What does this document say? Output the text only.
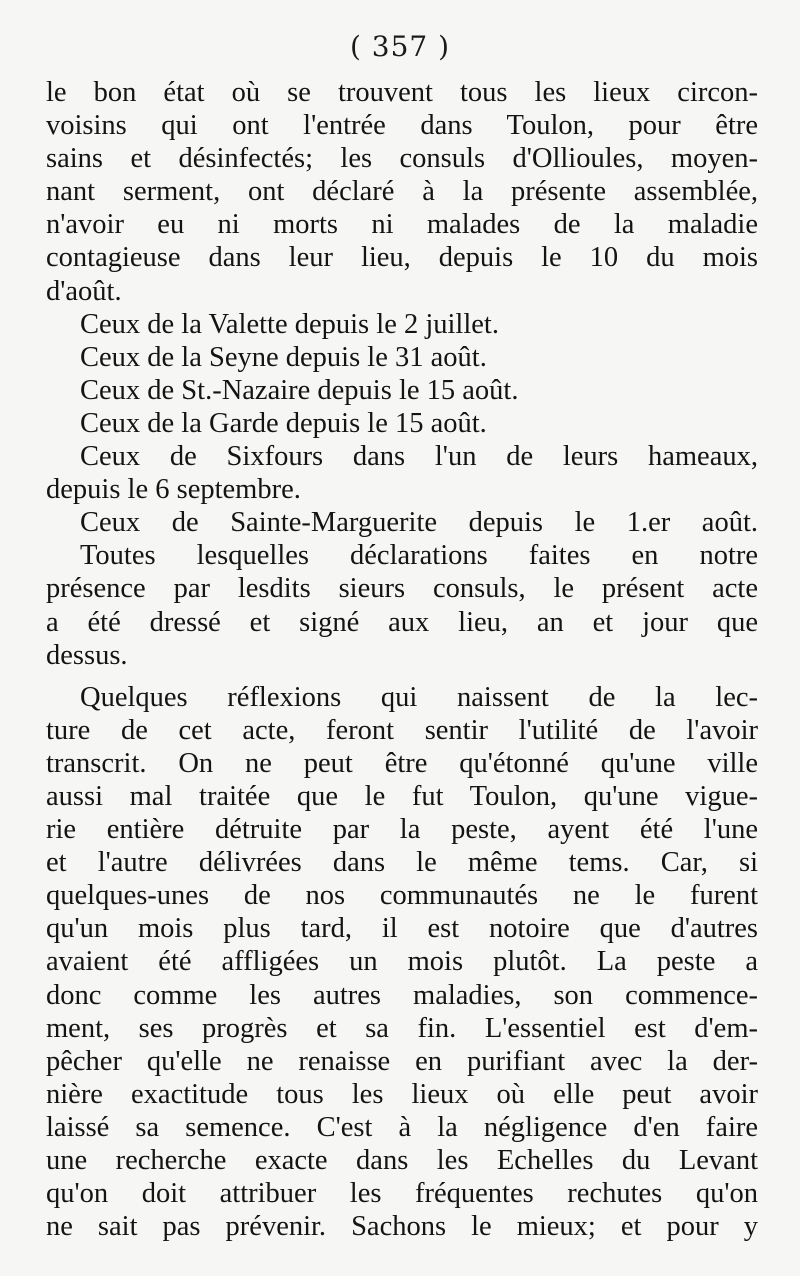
( 357 )
le bon état où se trouvent tous les lieux circon-
voisins qui ont l'entrée dans Toulon, pour être
sains et désinfectés; les consuls d'Ollioules, moyen-
nant serment, ont déclaré à la présente assemblée,
n'avoir eu ni morts ni malades de la maladie
contagieuse dans leur lieu, depuis le 10 du mois
d'août.
Ceux de la Valette depuis le 2 juillet.
Ceux de la Seyne depuis le 31 août.
Ceux de St.-Nazaire depuis le 15 août.
Ceux de la Garde depuis le 15 août.
Ceux de Sixfours dans l'un de leurs hameaux,
depuis le 6 septembre.
Ceux de Sainte-Marguerite depuis le 1.er août.
Toutes lesquelles déclarations faites en notre
présence par lesdits sieurs consuls, le présent acte
a été dressé et signé aux lieu, an et jour que
dessus.
Quelques réflexions qui naissent de la lec-
ture de cet acte, feront sentir l'utilité de l'avoir
transcrit. On ne peut être qu'étonné qu'une ville
aussi mal traitée que le fut Toulon, qu'une vigue-
rie entière détruite par la peste, ayent été l'une
et l'autre délivrées dans le même tems. Car, si
quelques-unes de nos communautés ne le furent
qu'un mois plus tard, il est notoire que d'autres
avaient été affligées un mois plutôt. La peste a
donc comme les autres maladies, son commence-
ment, ses progrès et sa fin. L'essentiel est d'em-
pêcher qu'elle ne renaisse en purifiant avec la der-
nière exactitude tous les lieux où elle peut avoir
laissé sa semence. C'est à la négligence d'en faire
une recherche exacte dans les Echelles du Levant
qu'on doit attribuer les fréquentes rechutes qu'on
ne sait pas prévenir. Sachons le mieux; et pour y
